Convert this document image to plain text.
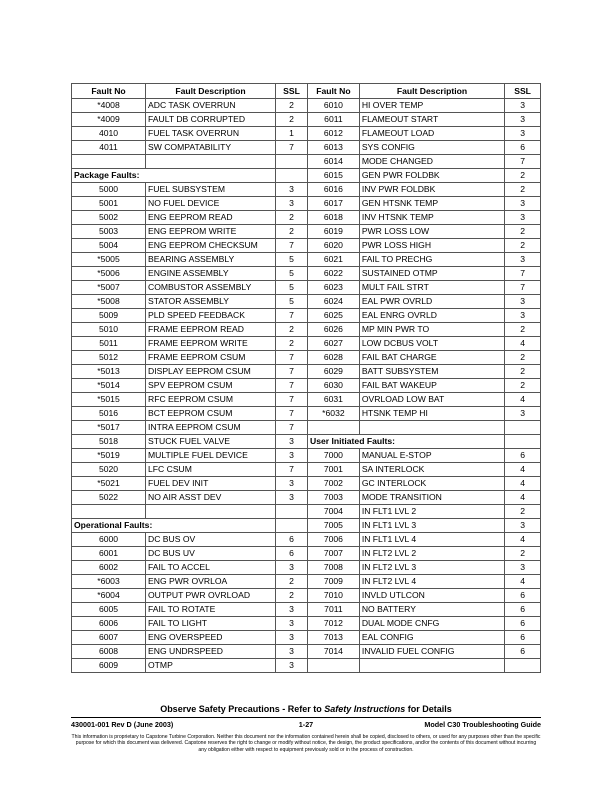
Fault No	Fault Description	SSL
*4008	ADC TASK OVERRUN	2
*4009	FAULT DB CORRUPTED	2
4010	FUEL TASK OVERRUN	1
4011	SW COMPATABILITY	7

Package Faults:		
5000	FUEL SUBSYSTEM	3
5001	NO FUEL DEVICE	3
5002	ENG EEPROM READ	2
5003	ENG EEPROM WRITE	2
5004	ENG EEPROM CHECKSUM	7
*5005	BEARING ASSEMBLY	5
*5006	ENGINE ASSEMBLY	5
*5007	COMBUSTOR ASSEMBLY	5
*5008	STATOR ASSEMBLY	5
5009	PLD SPEED FEEDBACK	7
5010	FRAME EEPROM READ	2
5011	FRAME EEPROM WRITE	2
5012	FRAME EEPROM CSUM	7
*5013	DISPLAY EEPROM CSUM	7
*5014	SPV EEPROM CSUM	7
*5015	RFC EEPROM CSUM	7
5016	BCT EEPROM CSUM	7
*5017	INTRA EEPROM CSUM	7
5018	STUCK FUEL VALVE	3
*5019	MULTIPLE FUEL DEVICE	3
5020	LFC CSUM	7
*5021	FUEL DEV INIT	3
5022	NO AIR ASST DEV	3

Operational Faults:		
6000	DC BUS OV	6
6001	DC BUS UV	6
6002	FAIL TO ACCEL	3
*6003	ENG PWR OVRLOA	2
*6004	OUTPUT PWR OVRLOAD	2
6005	FAIL TO ROTATE	3
6006	FAIL TO LIGHT	3
6007	ENG OVERSPEED	3
6008	ENG UNDRSPEED	3
6009	OTMP	3
Fault No	Fault Description	SSL
6010	HI OVER TEMP	3
6011	FLAMEOUT START	3
6012	FLAMEOUT LOAD	3
6013	SYS CONFIG	6
6014	MODE CHANGED	7
6015	GEN PWR FOLDBK	2
6016	INV PWR FOLDBK	2
6017	GEN HTSNK TEMP	3
6018	INV HTSNK TEMP	3
6019	PWR LOSS LOW	2
6020	PWR LOSS HIGH	2
6021	FAIL TO PRECHG	3
6022	SUSTAINED OTMP	7
6023	MULT FAIL STRT	7
6024	EAL PWR OVRLD	3
6025	EAL ENRG OVRLD	3
6026	MP MIN PWR TO	2
6027	LOW DCBUS VOLT	4
6028	FAIL BAT CHARGE	2
6029	BATT SUBSYSTEM	2
6030	FAIL BAT WAKEUP	2
6031	OVRLOAD LOW BAT	4
*6032	HTSNK TEMP HI	3

User Initiated Faults:		
7000	MANUAL E-STOP	6
7001	SA INTERLOCK	4
7002	GC INTERLOCK	4
7003	MODE TRANSITION	4
7004	IN FLT1 LVL 2	2
7005	IN FLT1 LVL 3	3
7006	IN FLT1 LVL 4	4
7007	IN FLT2 LVL 2	2
7008	IN FLT2 LVL 3	3
7009	IN FLT2 LVL 4	4
7010	INVLD UTLCON	6
7011	NO BATTERY	6
7012	DUAL MODE CNFG	6
7013	EAL CONFIG	6
7014	INVALID FUEL CONFIG	6

Observe Safety Precautions - Refer to Safety Instructions for Details
430001-001 Rev D (June 2003)	1-27	Model C30 Troubleshooting Guide
This information is proprietary to Capstone Turbine Corporation. Neither this document nor the information contained herein shall be copied, disclosed to others, or used for any purposes other than the specific purpose for which this document was delivered. Capstone reserves the right to change or modify without notice, the design, the product specifications, and/or the contents of this document without incurring any obligation either with respect to equipment previously sold or in the process of construction.
